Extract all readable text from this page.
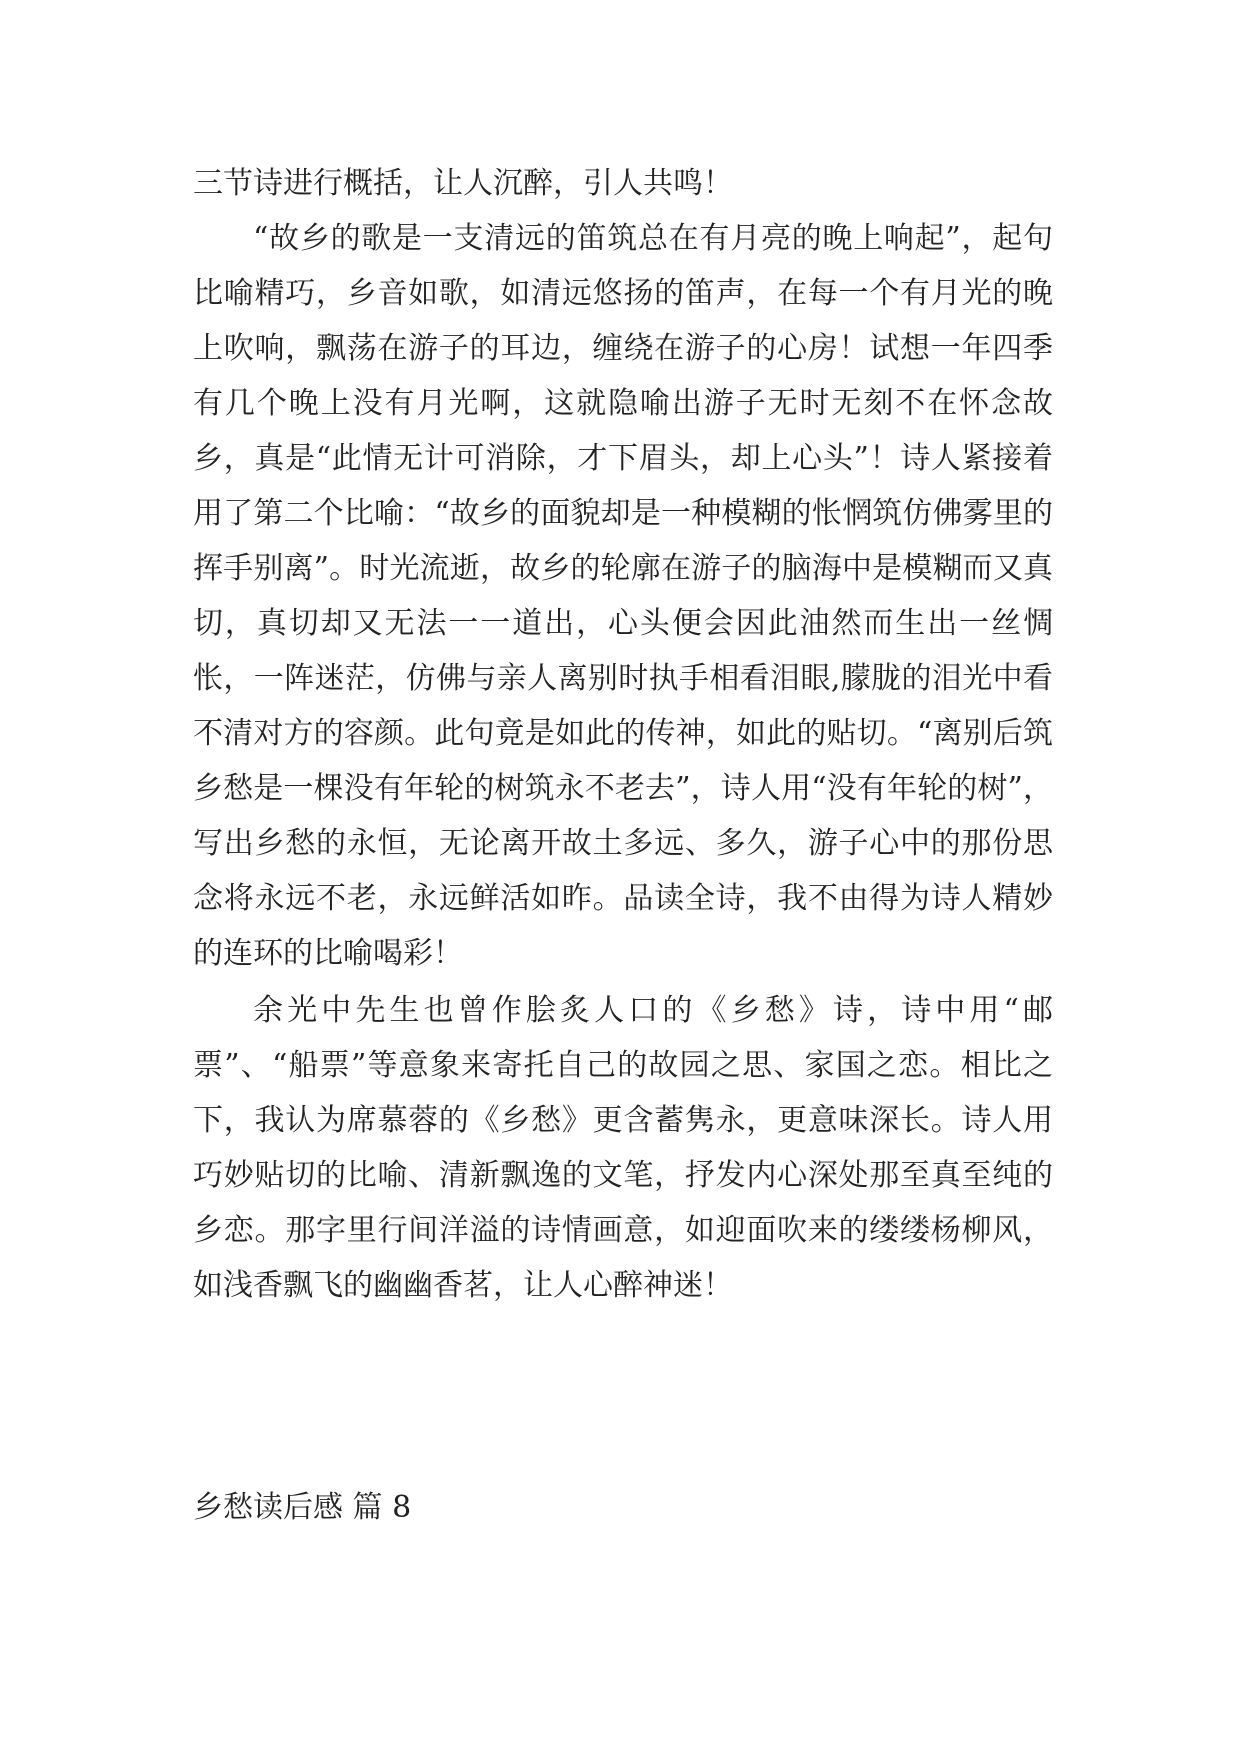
三节诗进行概括，让人沉醉，引人共鸣！

“故乡的歌是一支清远的笛筑总在有月亮的晚上响起”，起句比喻精巧，乡音如歌，如清远悠扬的笛声，在每一个有月光的晚上吹响，飘荡在游子的耳边，缠绕在游子的心房！试想一年四季有几个晚上没有月光啊，这就隐喻出游子无时无刻不在怀念故乡，真是“此情无计可消除，才下眉头，却上心头”！诗人紧接着用了第二个比喻：“故乡的面貌却是一种模糊的怅惘筑仿佛雾里的挥手别离”。时光流逝，故乡的轮廓在游子的脑海中是模糊而又真切，真切却又无法一一道出，心头便会因此油然而生出一丝惆怅，一阵迷茫，仿佛与亲人离别时执手相看泪眼,朦胧的泪光中看不清对方的容颜。此句竟是如此的传神，如此的贴切。“离别后筑乡愁是一棵没有年轮的树筑永不老去”，诗人用“没有年轮的树”，写出乡愁的永恒，无论离开故土多远、多久，游子心中的那份思念将永远不老，永远鲜活如昨。品读全诗，我不由得为诗人精妙的连环的比喻喝彩！

余光中先生也曾作脍炙人口的《乡愁》诗，诗中用“邮票”、“船票”等意象来寄托自己的故园之思、家国之恋。相比之下，我认为席慕蓉的《乡愁》更含蓄隽永，更意味深长。诗人用巧妙贴切的比喻、清新飘逸的文笔，抒发内心深处那至真至纯的乡恋。那字里行间洋溢的诗情画意，如迎面吹来的缕缕杨柳风，如浅香飘飞的幽幽香茗，让人心醉神迷！

乡愁读后感 篇 8
